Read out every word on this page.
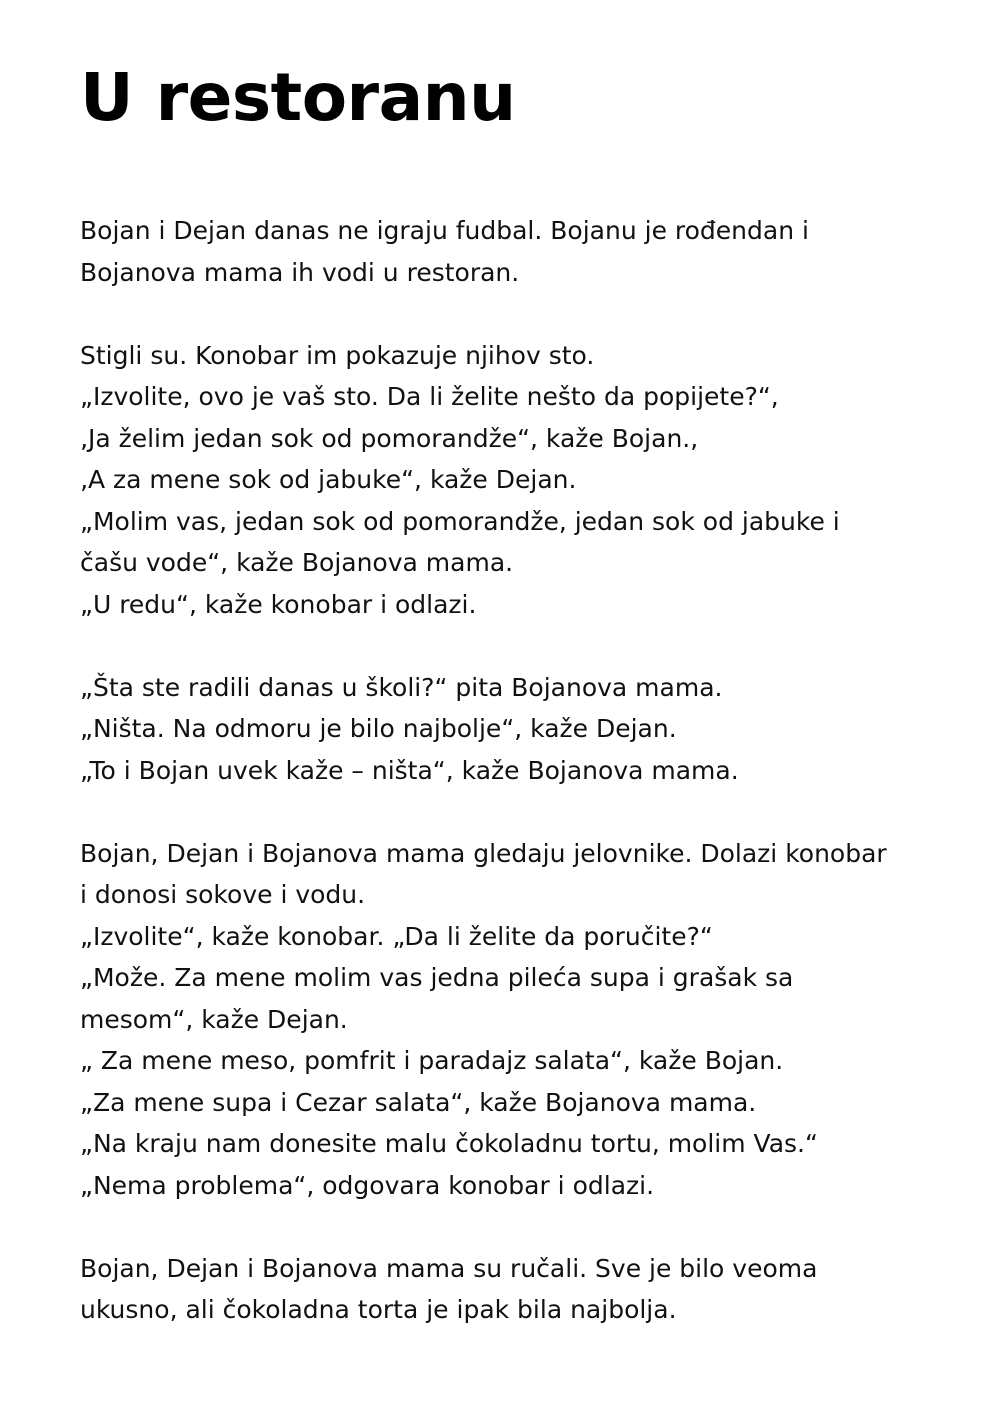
U restoranu

Bojan i Dejan danas ne igraju fudbal. Bojanu je rođendan i
Bojanova mama ih vodi u restoran.

Stigli su. Konobar im pokazuje njihov sto.
„Izvolite, ovo je vaš sto. Da li želite nešto da popijete?“,
‚Ja želim jedan sok od pomorandže“, kaže Bojan.,
‚A za mene sok od jabuke“, kaže Dejan.
„Molim vas, jedan sok od pomorandže, jedan sok od jabuke i
čašu vode“, kaže Bojanova mama.
„U redu“, kaže konobar i odlazi.

„Šta ste radili danas u školi?“ pita Bojanova mama.
„Ništa. Na odmoru je bilo najbolje“, kaže Dejan.
„To i Bojan uvek kaže – ništa“, kaže Bojanova mama.

Bojan, Dejan i Bojanova mama gledaju jelovnike. Dolazi konobar
i donosi sokove i vodu.
„Izvolite“, kaže konobar. „Da li želite da poručite?“
„Može. Za mene molim vas jedna pileća supa i grašak sa
mesom“, kaže Dejan.
„ Za mene meso, pomfrit i paradajz salata“, kaže Bojan.
„Za mene supa i Cezar salata“, kaže Bojanova mama.
„Na kraju nam donesite malu čokoladnu tortu, molim Vas.“
„Nema problema“, odgovara konobar i odlazi.

Bojan, Dejan i Bojanova mama su ručali. Sve je bilo veoma
ukusno, ali čokoladna torta je ipak bila najbolja.
